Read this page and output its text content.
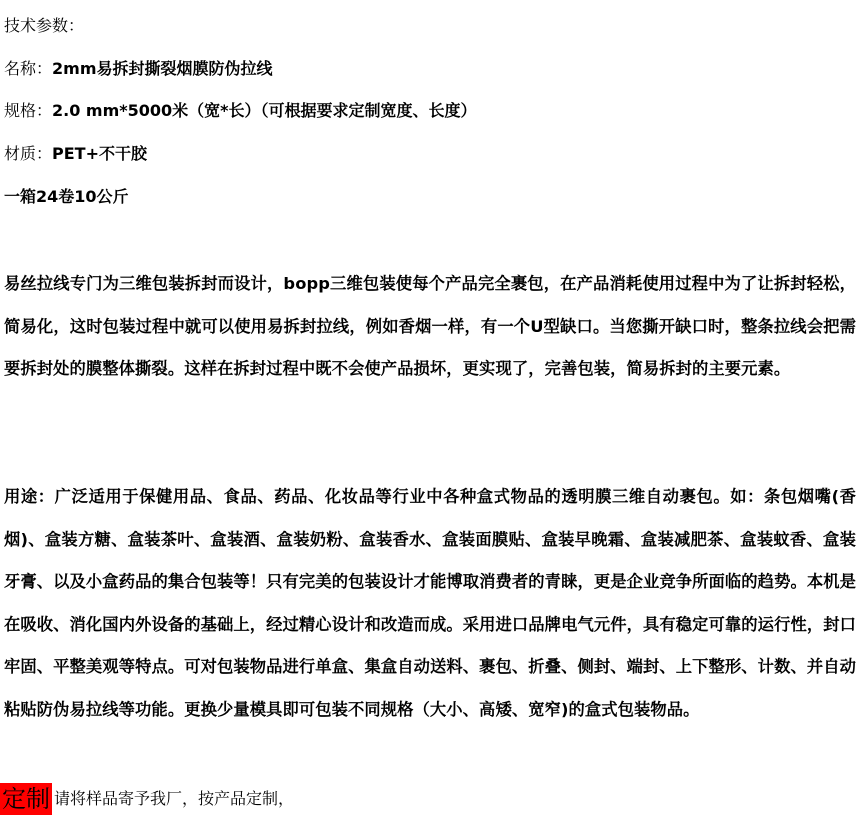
技术参数：
名称：2mm易拆封撕裂烟膜防伪拉线
规格：2.0 mm*5000米（宽*长）（可根据要求定制宽度、长度）
材质：PET+不干胶
一箱24卷10公斤
易丝拉线专门为三维包装拆封而设计，bopp三维包装使每个产品完全裹包，在产品消耗使用过程中为了让拆封轻松，简易化，这时包装过程中就可以使用易拆封拉线，例如香烟一样，有一个U型缺口。当您撕开缺口时，整条拉线会把需要拆封处的膜整体撕裂。这样在拆封过程中既不会使产品损坏，更实现了，完善包装，简易拆封的主要元素。
用途：广泛适用于保健用品、食品、药品、化妆品等行业中各种盒式物品的透明膜三维自动裹包。如：条包烟嘴(香烟)、盒装方糖、盒装茶叶、盒装酒、盒装奶粉、盒装香水、盒装面膜贴、盒装早晚霜、盒装减肥茶、盒装蚊香、盒装牙膏、以及小盒药品的集合包装等！只有完美的包装设计才能博取消费者的青睐，更是企业竞争所面临的趋势。本机是在吸收、消化国内外设备的基础上，经过精心设计和改造而成。采用进口品牌电气元件，具有稳定可靠的运行性，封口牢固、平整美观等特点。可对包装物品进行单盒、集盒自动送料、裹包、折叠、侧封、端封、上下整形、计数、并自动粘贴防伪易拉线等功能。更换少量模具即可包装不同规格（大小、高矮、宽窄)的盒式包装物品。
定制 请将样品寄予我厂，按产品定制，
